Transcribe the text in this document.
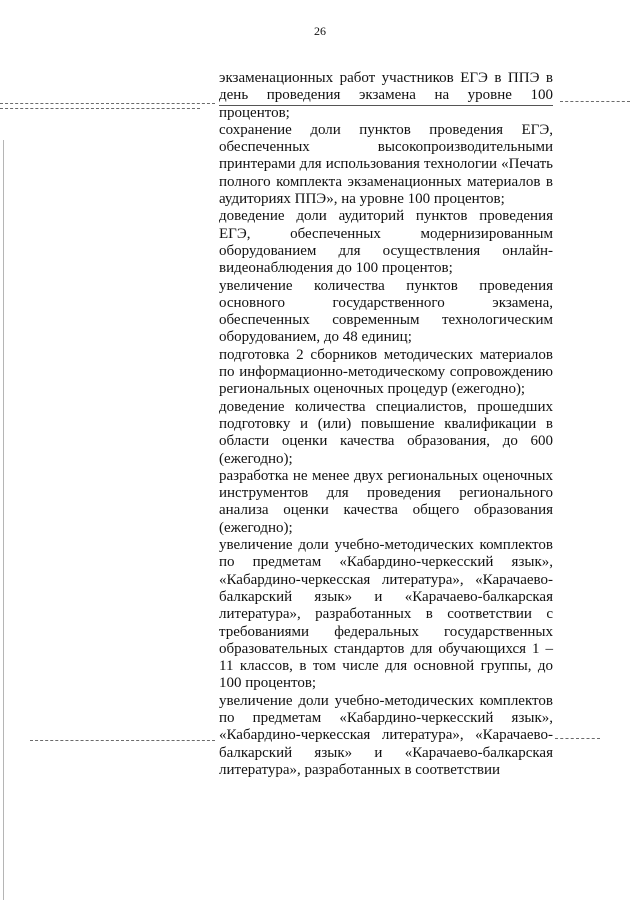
26

экзаменационных работ участников ЕГЭ в ППЭ в день проведения экзамена на уровне 100 процентов;

сохранение доли пунктов проведения ЕГЭ, обеспеченных высокопроизводительными принтерами для использования технологии «Печать полного комплекта экзаменационных материалов в аудиториях ППЭ», на уровне 100 процентов;

доведение доли аудиторий пунктов проведения ЕГЭ, обеспеченных модернизированным оборудованием для осуществления онлайн-видеонаблюдения до 100 процентов;

увеличение количества пунктов проведения основного государственного экзамена, обеспеченных современным технологическим оборудованием, до 48 единиц;

подготовка 2 сборников методических материалов по информационно-методическому сопровождению региональных оценочных процедур (ежегодно);

доведение количества специалистов, прошедших подготовку и (или) повышение квалификации в области оценки качества образования, до 600 (ежегодно);

разработка не менее двух региональных оценочных инструментов для проведения регионального анализа оценки качества общего образования (ежегодно);

увеличение доли учебно-методических комплектов по предметам «Кабардино-черкесский язык», «Кабардино-черкесская литература», «Карачаево-балкарский язык» и «Карачаево-балкарская литература», разработанных в соответствии с требованиями федеральных государственных образовательных стандартов для обучающихся 1 – 11 классов, в том числе для основной группы, до 100 процентов;

увеличение доли учебно-методических комплектов по предметам «Кабардино-черкесский язык», «Кабардино-черкесская литература», «Карачаево-балкарский язык» и «Карачаево-балкарская литература», разработанных в соответствии
